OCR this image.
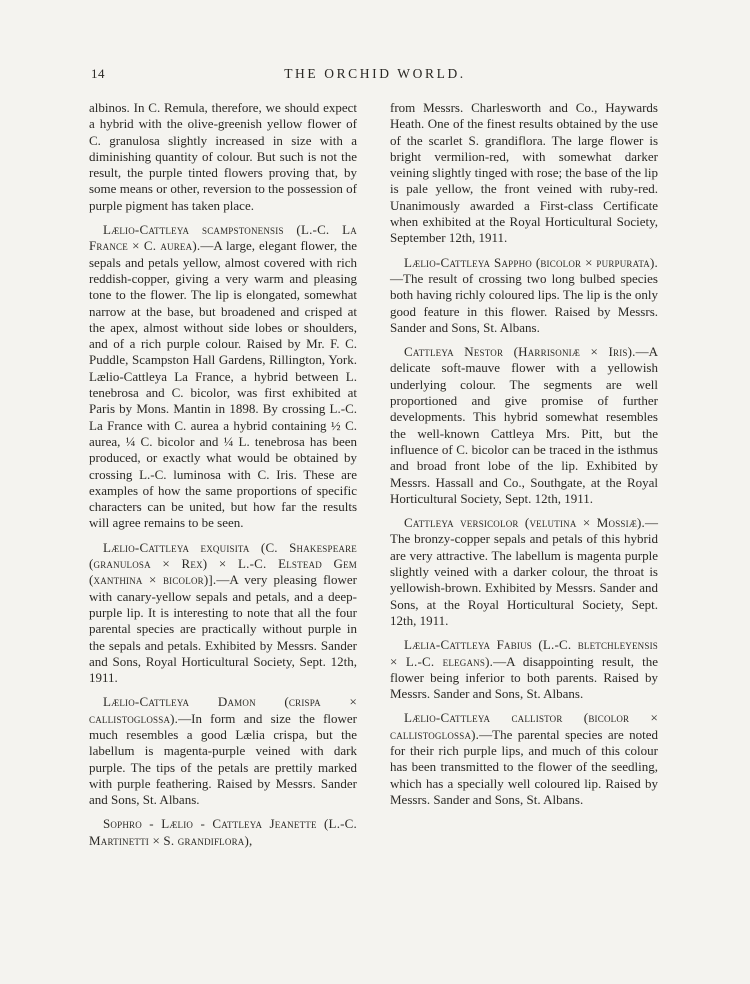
14	THE ORCHID WORLD.

albinos. In C. Remula, therefore, we should expect a hybrid with the olive-greenish yellow flower of C. granulosa slightly increased in size with a diminishing quantity of colour. But such is not the result, the purple tinted flowers proving that, by some means or other, reversion to the possession of purple pigment has taken place.

Lælio-Cattleya scampstonensis (L.-C. La France × C. aurea).—A large, elegant flower, the sepals and petals yellow, almost covered with rich reddish-copper, giving a very warm and pleasing tone to the flower. The lip is elongated, somewhat narrow at the base, but broadened and crisped at the apex, almost without side lobes or shoulders, and of a rich purple colour. Raised by Mr. F. C. Puddle, Scampston Hall Gardens, Rillington, York. Lælio-Cattleya La France, a hybrid between L. tenebrosa and C. bicolor, was first exhibited at Paris by Mons. Mantin in 1898. By crossing L.-C. La France with C. aurea a hybrid containing ½ C. aurea, ¼ C. bicolor and ¼ L. tenebrosa has been produced, or exactly what would be obtained by crossing L.-C. luminosa with C. Iris. These are examples of how the same proportions of specific characters can be united, but how far the results will agree remains to be seen.

Lælio-Cattleya exquisita (C. Shakespeare (granulosa × Rex) × L.-C. Elstead Gem (xanthina × bicolor)].—A very pleasing flower with canary-yellow sepals and petals, and a deep-purple lip. It is interesting to note that all the four parental species are practically without purple in the sepals and petals. Exhibited by Messrs. Sander and Sons, Royal Horticultural Society, Sept. 12th, 1911.

Lælio-Cattleya Damon (crispa × callistoglossa).—In form and size the flower much resembles a good Lælia crispa, but the labellum is magenta-purple veined with dark purple. The tips of the petals are prettily marked with purple feathering. Raised by Messrs. Sander and Sons, St. Albans.

Sophro - Lælio - Cattleya Jeanette (L.-C. Martinetti × S. grandiflora),

from Messrs. Charlesworth and Co., Haywards Heath. One of the finest results obtained by the use of the scarlet S. grandiflora. The large flower is bright vermilion-red, with somewhat darker veining slightly tinged with rose; the base of the lip is pale yellow, the front veined with ruby-red. Unanimously awarded a First-class Certificate when exhibited at the Royal Horticultural Society, September 12th, 1911.

Lælio-Cattleya Sappho (bicolor × purpurata).—The result of crossing two long bulbed species both having richly coloured lips. The lip is the only good feature in this flower. Raised by Messrs. Sander and Sons, St. Albans.

Cattleya Nestor (Harrisoniæ × Iris).—A delicate soft-mauve flower with a yellowish underlying colour. The segments are well proportioned and give promise of further developments. This hybrid somewhat resembles the well-known Cattleya Mrs. Pitt, but the influence of C. bicolor can be traced in the isthmus and broad front lobe of the lip. Exhibited by Messrs. Hassall and Co., Southgate, at the Royal Horticultural Society, Sept. 12th, 1911.

Cattleya versicolor (velutina × Mossiæ).—The bronzy-copper sepals and petals of this hybrid are very attractive. The labellum is magenta purple slightly veined with a darker colour, the throat is yellowish-brown. Exhibited by Messrs. Sander and Sons, at the Royal Horticultural Society, Sept. 12th, 1911.

Lælia-Cattleya Fabius (L.-C. bletchleyensis × L.-C. elegans).—A disappointing result, the flower being inferior to both parents. Raised by Messrs. Sander and Sons, St. Albans.

Lælio-Cattleya callistor (bicolor × callistoglossa).—The parental species are noted for their rich purple lips, and much of this colour has been transmitted to the flower of the seedling, which has a specially well coloured lip. Raised by Messrs. Sander and Sons, St. Albans.
